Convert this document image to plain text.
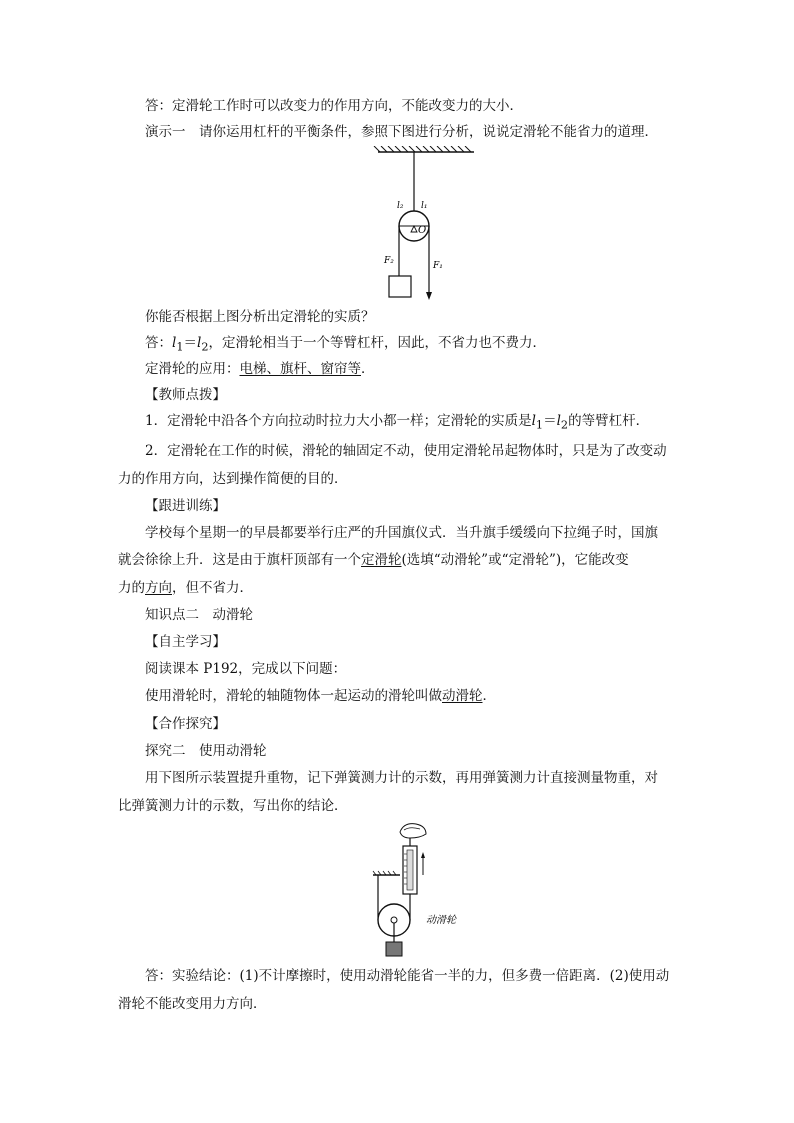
答：定滑轮工作时可以改变力的作用方向，不能改变力的大小．
演示一　 请你运用杠杆的平衡条件，参照下图进行分析，说说定滑轮不能省力的道理．
l₂ l₁
O
F₂	F₁
你能否根据上图分析出定滑轮的实质？
答：$l_1=l_2$，定滑轮相当于一个等臂杠杆，因此，不省力也不费力．
定滑轮的应用：电梯、旗杆、窗帘等．
【教师点拨】
1．定滑轮中沿各个方向拉动时拉力大小都一样；定滑轮的实质是$l_1=l_2$的等臂杠杆．
2．定滑轮在工作的时候，滑轮的轴固定不动，使用定滑轮吊起物体时，只是为了改变动
力的作用方向，达到操作简便的目的．
【跟进训练】
学校每个星期一的早晨都要举行庄严的升国旗仪式．当升旗手缓缓向下拉绳子时，国旗
就会徐徐上升．这是由于旗杆顶部有一个定滑轮(选填“动滑轮”或“定滑轮”)，它能改变
力的方向，但不省力．
知识点二　动滑轮
【自主学习】
阅读课本 P192，完成以下问题：
使用滑轮时，滑轮的轴随物体一起运动的滑轮叫做动滑轮．
【合作探究】
探究二　使用动滑轮
用下图所示装置提升重物，记下弹簧测力计的示数，再用弹簧测力计直接测量物重，对
比弹簧测力计的示数，写出你的结论．
动滑轮
答：实验结论：(1)不计摩擦时，使用动滑轮能省一半的力，但多费一倍距离．(2)使用动
滑轮不能改变用力方向．
